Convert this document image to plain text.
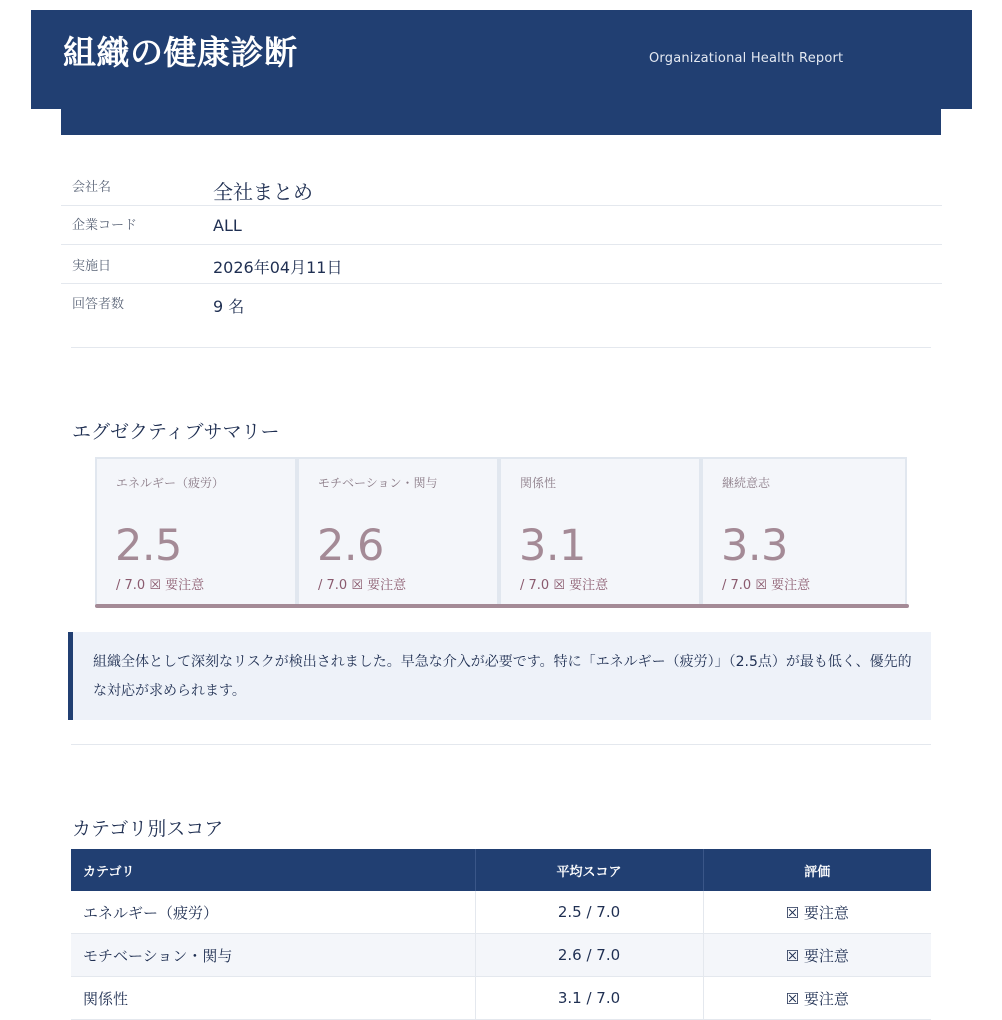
組織の健康診断	Organizational Health Report
会社名	全社まとめ
企業コード	ALL
実施日	2026年04月11日
回答者数	9 名
エグゼクティブサマリー
エネルギー（疲労）
2.5
/ 7.0 ☒ 要注意
モチベーション・関与
2.6
/ 7.0 ☒ 要注意
関係性
3.1
/ 7.0 ☒ 要注意
継続意志
3.3
/ 7.0 ☒ 要注意

組織全体として深刻なリスクが検出されました。早急な介入が必要です。特に「エネルギー（疲労）」（2.5点）が最も低く、優先的な対応が求められます。

カテゴリ別スコア
カテゴリ	平均スコア	評価
エネルギー（疲労）	2.5 / 7.0	☒ 要注意
モチベーション・関与	2.6 / 7.0	☒ 要注意
関係性	3.1 / 7.0	☒ 要注意
